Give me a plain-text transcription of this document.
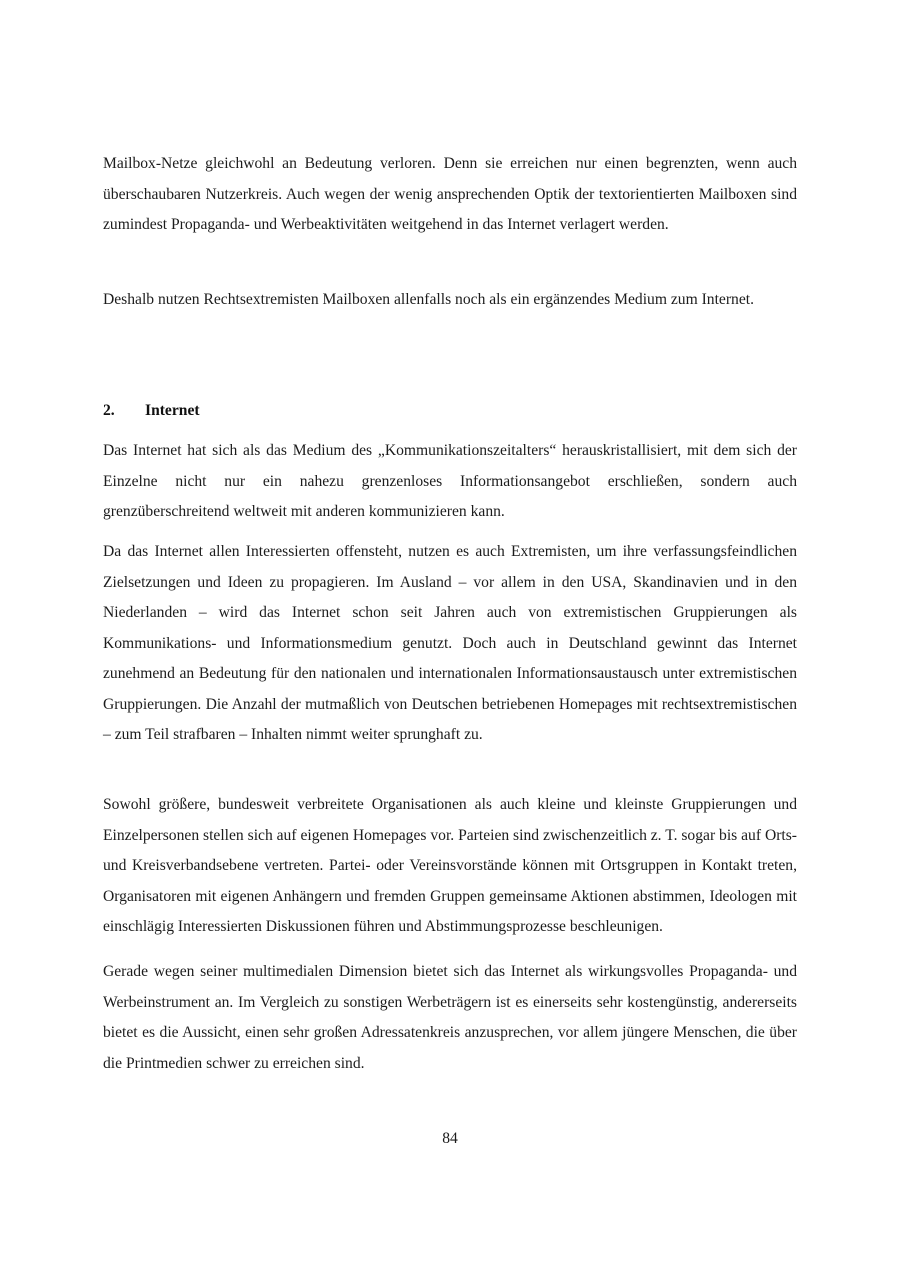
Mailbox-Netze gleichwohl an Bedeutung verloren. Denn sie erreichen nur einen begrenzten, wenn auch überschaubaren Nutzerkreis. Auch wegen der wenig ansprechenden Optik der textorientierten Mailboxen sind zumindest Propaganda- und Werbeaktivitäten weitgehend in das Internet verlagert werden.

Deshalb nutzen Rechtsextremisten Mailboxen allenfalls noch als ein ergänzendes Medium zum Internet.

2. Internet

Das Internet hat sich als das Medium des „Kommunikationszeitalters“ herauskristallisiert, mit dem sich der Einzelne nicht nur ein nahezu grenzenloses Informationsangebot erschließen, sondern auch grenzüberschreitend weltweit mit anderen kommunizieren kann.

Da das Internet allen Interessierten offensteht, nutzen es auch Extremisten, um ihre verfassungsfeindlichen Zielsetzungen und Ideen zu propagieren. Im Ausland – vor allem in den USA, Skandinavien und in den Niederlanden – wird das Internet schon seit Jahren auch von extremistischen Gruppierungen als Kommunikations- und Informationsmedium genutzt. Doch auch in Deutschland gewinnt das Internet zunehmend an Bedeutung für den nationalen und internationalen Informationsaustausch unter extremistischen Gruppierungen. Die Anzahl der mutmaßlich von Deutschen betriebenen Homepages mit rechtsextremistischen – zum Teil strafbaren – Inhalten nimmt weiter sprunghaft zu.

Sowohl größere, bundesweit verbreitete Organisationen als auch kleine und kleinste Gruppierungen und Einzelpersonen stellen sich auf eigenen Homepages vor. Parteien sind zwischenzeitlich z. T. sogar bis auf Orts- und Kreisverbandsebene vertreten. Partei- oder Vereinsvorstände können mit Ortsgruppen in Kontakt treten, Organisatoren mit eigenen Anhängern und fremden Gruppen gemeinsame Aktionen abstimmen, Ideologen mit einschlägig Interessierten Diskussionen führen und Abstimmungsprozesse beschleunigen.

Gerade wegen seiner multimedialen Dimension bietet sich das Internet als wirkungsvolles Propaganda- und Werbeinstrument an. Im Vergleich zu sonstigen Werbeträgern ist es einerseits sehr kostengünstig, andererseits bietet es die Aussicht, einen sehr großen Adressatenkreis anzusprechen, vor allem jüngere Menschen, die über die Printmedien schwer zu erreichen sind.

84
